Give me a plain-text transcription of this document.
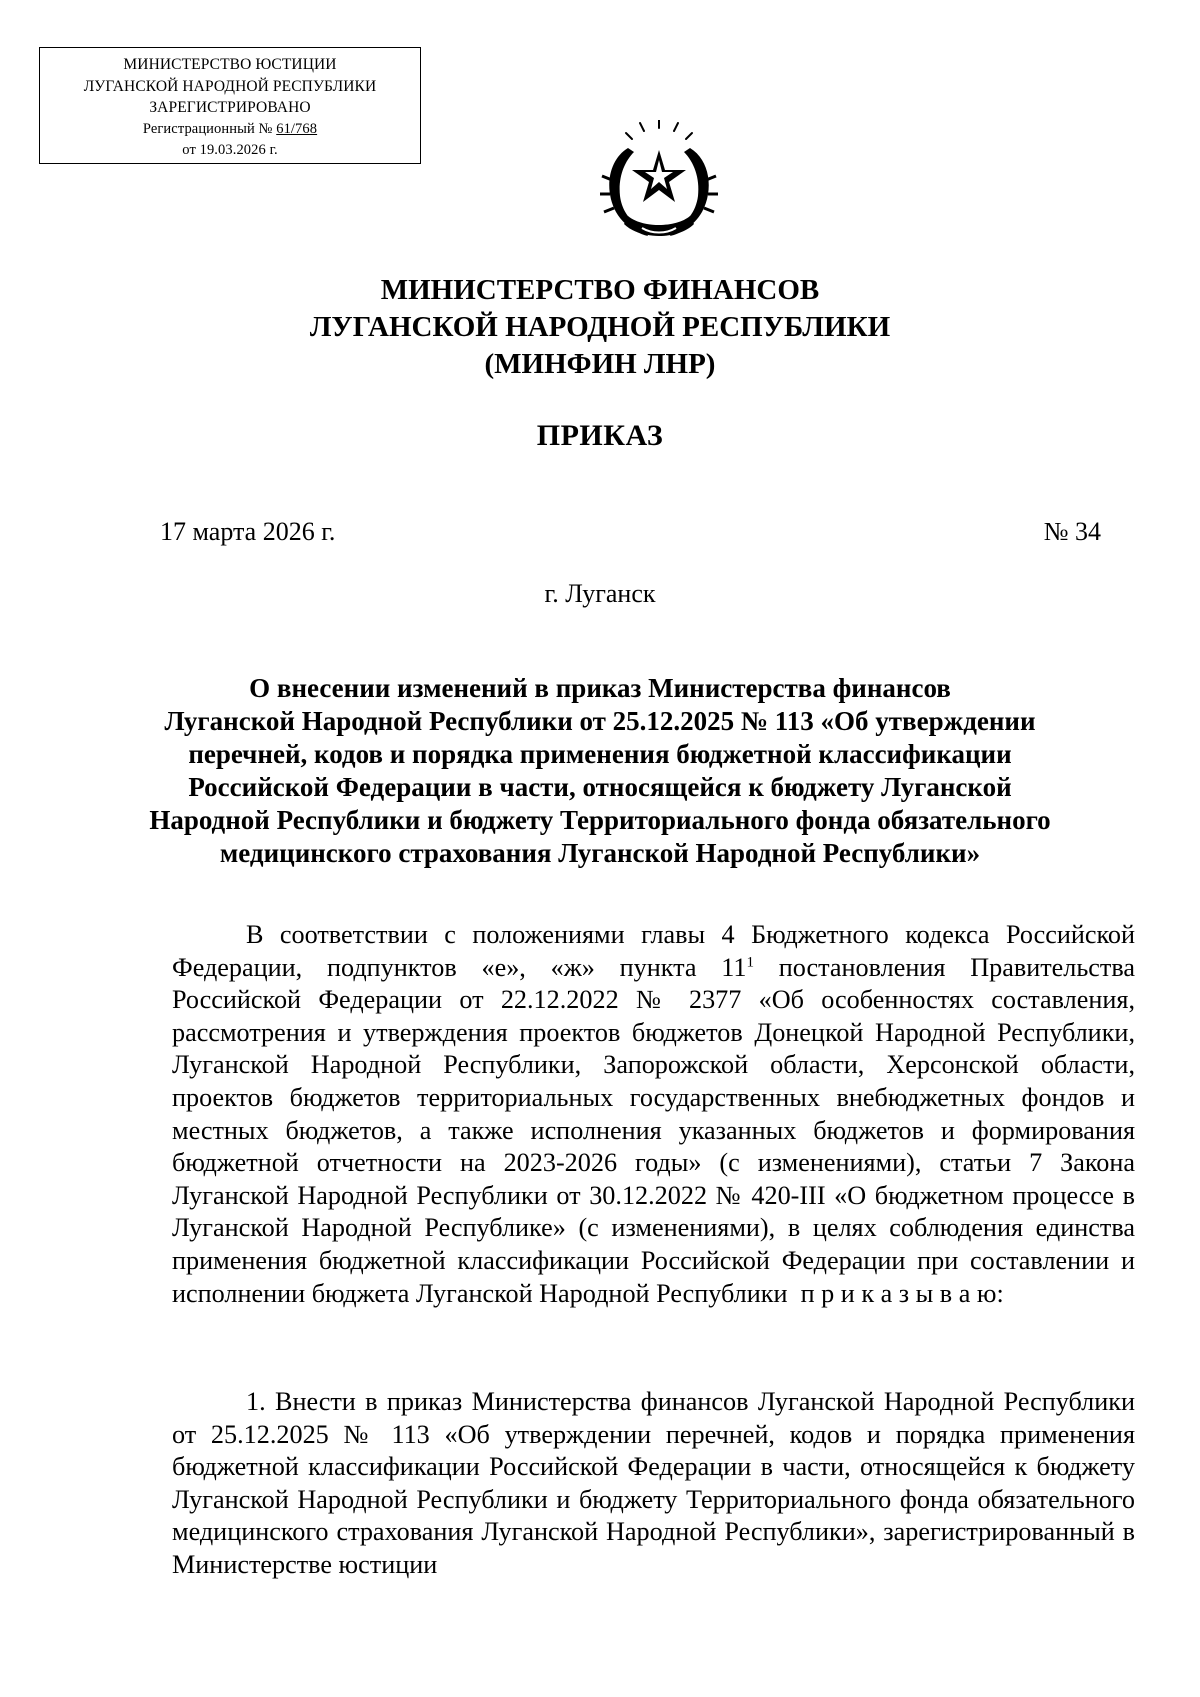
МИНИСТЕРСТВО ЮСТИЦИИ
ЛУГАНСКОЙ НАРОДНОЙ РЕСПУБЛИКИ
ЗАРЕГИСТРИРОВАНО
Регистрационный № 61/768
от 19.03.2026 г.
МИНИСТЕРСТВО ФИНАНСОВ
ЛУГАНСКОЙ НАРОДНОЙ РЕСПУБЛИКИ
(МИНФИН ЛНР)
ПРИКАЗ
17 марта 2026 г.	№ 34
г. Луганск
О внесении изменений в приказ Министерства финансов
Луганской Народной Республики от 25.12.2025 № 113 «Об утверждении
перечней, кодов и порядка применения бюджетной классификации
Российской Федерации в части, относящейся к бюджету Луганской
Народной Республики и бюджету Территориального фонда обязательного
медицинского страхования Луганской Народной Республики»

В соответствии с положениями главы 4 Бюджетного кодекса Российской Федерации, подпунктов «е», «ж» пункта $11^1$ постановления Правительства Российской Федерации от 22.12.2022 № 2377 «Об особенностях составления, рассмотрения и утверждения проектов бюджетов Донецкой Народной Республики, Луганской Народной Республики, Запорожской области, Херсонской области, проектов бюджетов территориальных государственных внебюджетных фондов и местных бюджетов, а также исполнения указанных бюджетов и формирования бюджетной отчетности на 2023-2026 годы» (с изменениями), статьи 7 Закона Луганской Народной Республики от 30.12.2022 № 420-III «О бюджетном процессе в Луганской Народной Республике» (с изменениями), в целях соблюдения единства применения бюджетной классификации Российской Федерации при составлении и исполнении бюджета Луганской Народной Республики п р и к а з ы в а ю:

1. Внести в приказ Министерства финансов Луганской Народной Республики от 25.12.2025 № 113 «Об утверждении перечней, кодов и порядка применения бюджетной классификации Российской Федерации в части, относящейся к бюджету Луганской Народной Республики и бюджету Территориального фонда обязательного медицинского страхования Луганской Народной Республики», зарегистрированный в Министерстве юстиции
